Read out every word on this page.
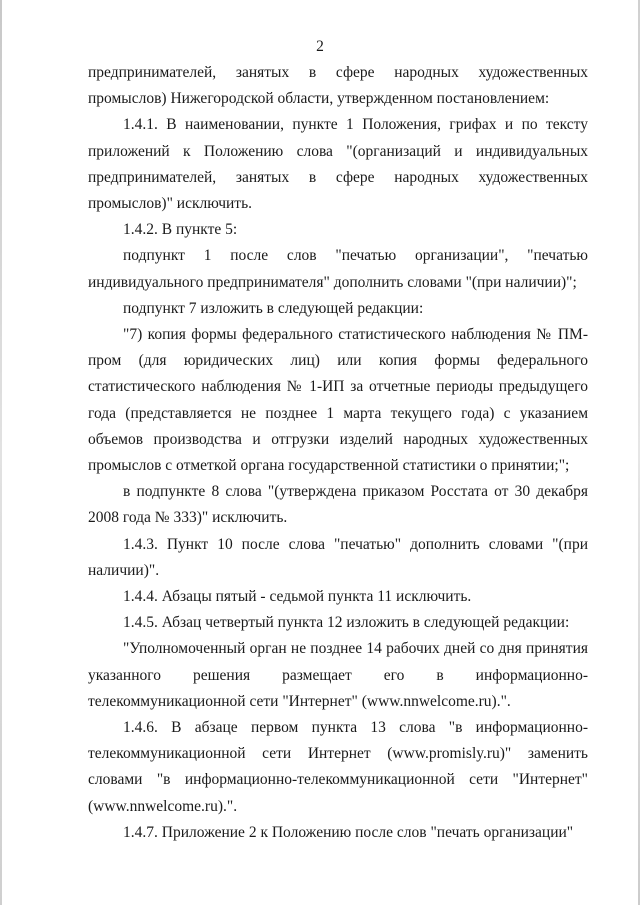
2

предпринимателей, занятых в сфере народных художественных промыслов) Нижегородской области, утвержденном постановлением:

1.4.1. В наименовании, пункте 1 Положения, грифах и по тексту приложений к Положению слова "(организаций и индивидуальных предпринимателей, занятых в сфере народных художественных промыслов)" исключить.

1.4.2. В пункте 5:

подпункт 1 после слов "печатью организации", "печатью индивидуального предпринимателя" дополнить словами "(при наличии)";

подпункт 7 изложить в следующей редакции:

"7) копия формы федерального статистического наблюдения № ПМ-пром (для юридических лиц) или копия формы федерального статистического наблюдения № 1-ИП за отчетные периоды предыдущего года (представляется не позднее 1 марта текущего года) с указанием объемов производства и отгрузки изделий народных художественных промыслов с отметкой органа государственной статистики о принятии;";

в подпункте 8 слова "(утверждена приказом Росстата от 30 декабря 2008 года № 333)" исключить.

1.4.3. Пункт 10 после слова "печатью" дополнить словами "(при наличии)".

1.4.4. Абзацы пятый - седьмой пункта 11 исключить.

1.4.5. Абзац четвертый пункта 12 изложить в следующей редакции:

"Уполномоченный орган не позднее 14 рабочих дней со дня принятия указанного решения размещает его в информационно-телекоммуникационной сети "Интернет" (www.nnwelcome.ru).".

1.4.6. В абзаце первом пункта 13 слова "в информационно-телекоммуникационной сети Интернет (www.promisly.ru)" заменить словами "в информационно-телекоммуникационной сети "Интернет" (www.nnwelcome.ru).".

1.4.7. Приложение 2 к Положению после слов "печать организации"
